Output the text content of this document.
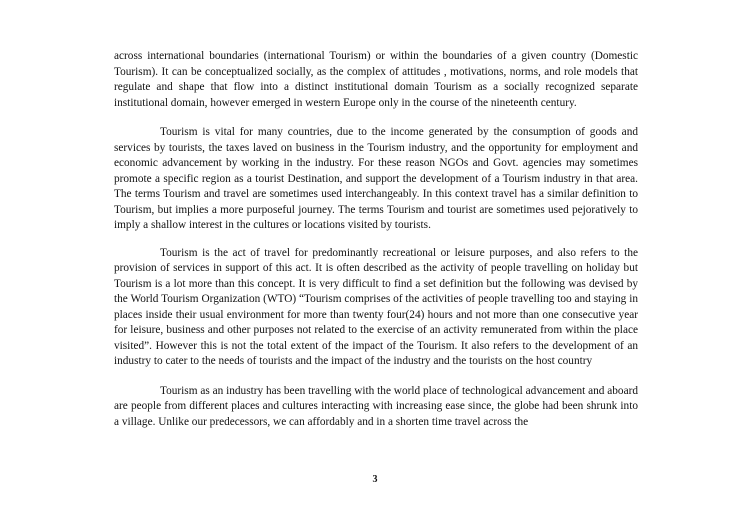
across international boundaries (international Tourism) or within the boundaries of a given country (Domestic Tourism). It can be conceptualized socially, as the complex of attitudes , motivations, norms, and role models that regulate and shape that flow into a distinct institutional domain Tourism as a socially recognized separate institutional domain, however emerged in western Europe only in the course of the nineteenth century.

Tourism is vital for many countries, due to the income generated by the consumption of goods and services by tourists, the taxes laved on business in the Tourism industry, and the opportunity for employment and economic advancement by working in the industry. For these reason NGOs and Govt. agencies may sometimes promote a specific region as a tourist Destination, and support the development of a Tourism industry in that area. The terms Tourism and travel are sometimes used interchangeably. In this context travel has a similar definition to Tourism, but implies a more purposeful journey. The terms Tourism and tourist are sometimes used pejoratively to imply a shallow interest in the cultures or locations visited by tourists.

Tourism is the act of travel for predominantly recreational or leisure purposes, and also refers to the provision of services in support of this act. It is often described as the activity of people travelling on holiday but Tourism is a lot more than this concept. It is very difficult to find a set definition but the following was devised by the World Tourism Organization (WTO) “Tourism comprises of the activities of people travelling too and staying in places inside their usual environment for more than twenty four(24) hours and not more than one consecutive year for leisure, business and other purposes not related to the exercise of an activity remunerated from within the place visited”. However this is not the total extent of the impact of the Tourism. It also refers to the development of an industry to cater to the needs of tourists and the impact of the industry and the tourists on the host country

Tourism as an industry has been travelling with the world place of technological advancement and aboard are people from different places and cultures interacting with increasing ease since, the globe had been shrunk into a village. Unlike our predecessors, we can affordably and in a shorten time travel across the

3
